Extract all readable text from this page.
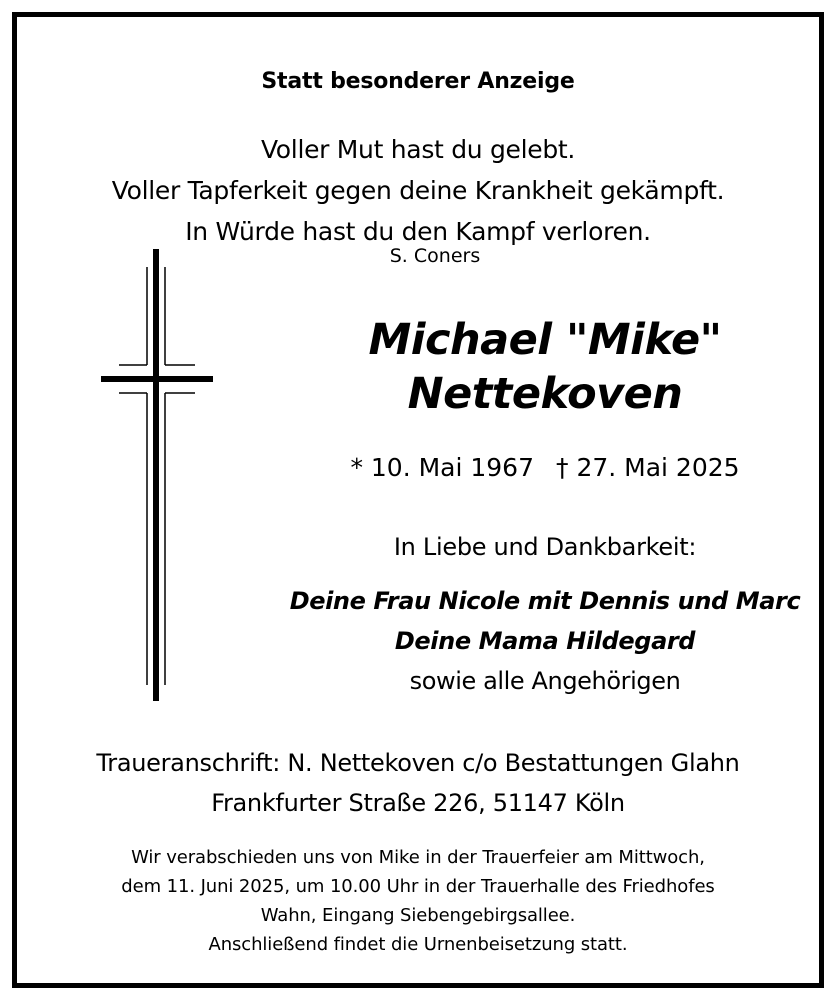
Statt besonderer Anzeige
Voller Mut hast du gelebt.
Voller Tapferkeit gegen deine Krankheit gekämpft.
In Würde hast du den Kampf verloren.
S. Coners
Michael "Mike"
Nettekoven
* 10. Mai 1967 † 27. Mai 2025
In Liebe und Dankbarkeit:
Deine Frau Nicole mit Dennis und Marc
Deine Mama Hildegard
sowie alle Angehörigen
Traueranschrift: N. Nettekoven c/o Bestattungen Glahn
Frankfurter Straße 226, 51147 Köln
Wir verabschieden uns von Mike in der Trauerfeier am Mittwoch,
dem 11. Juni 2025, um 10.00 Uhr in der Trauerhalle des Friedhofes
Wahn, Eingang Siebengebirgsallee.
Anschließend findet die Urnenbeisetzung statt.
